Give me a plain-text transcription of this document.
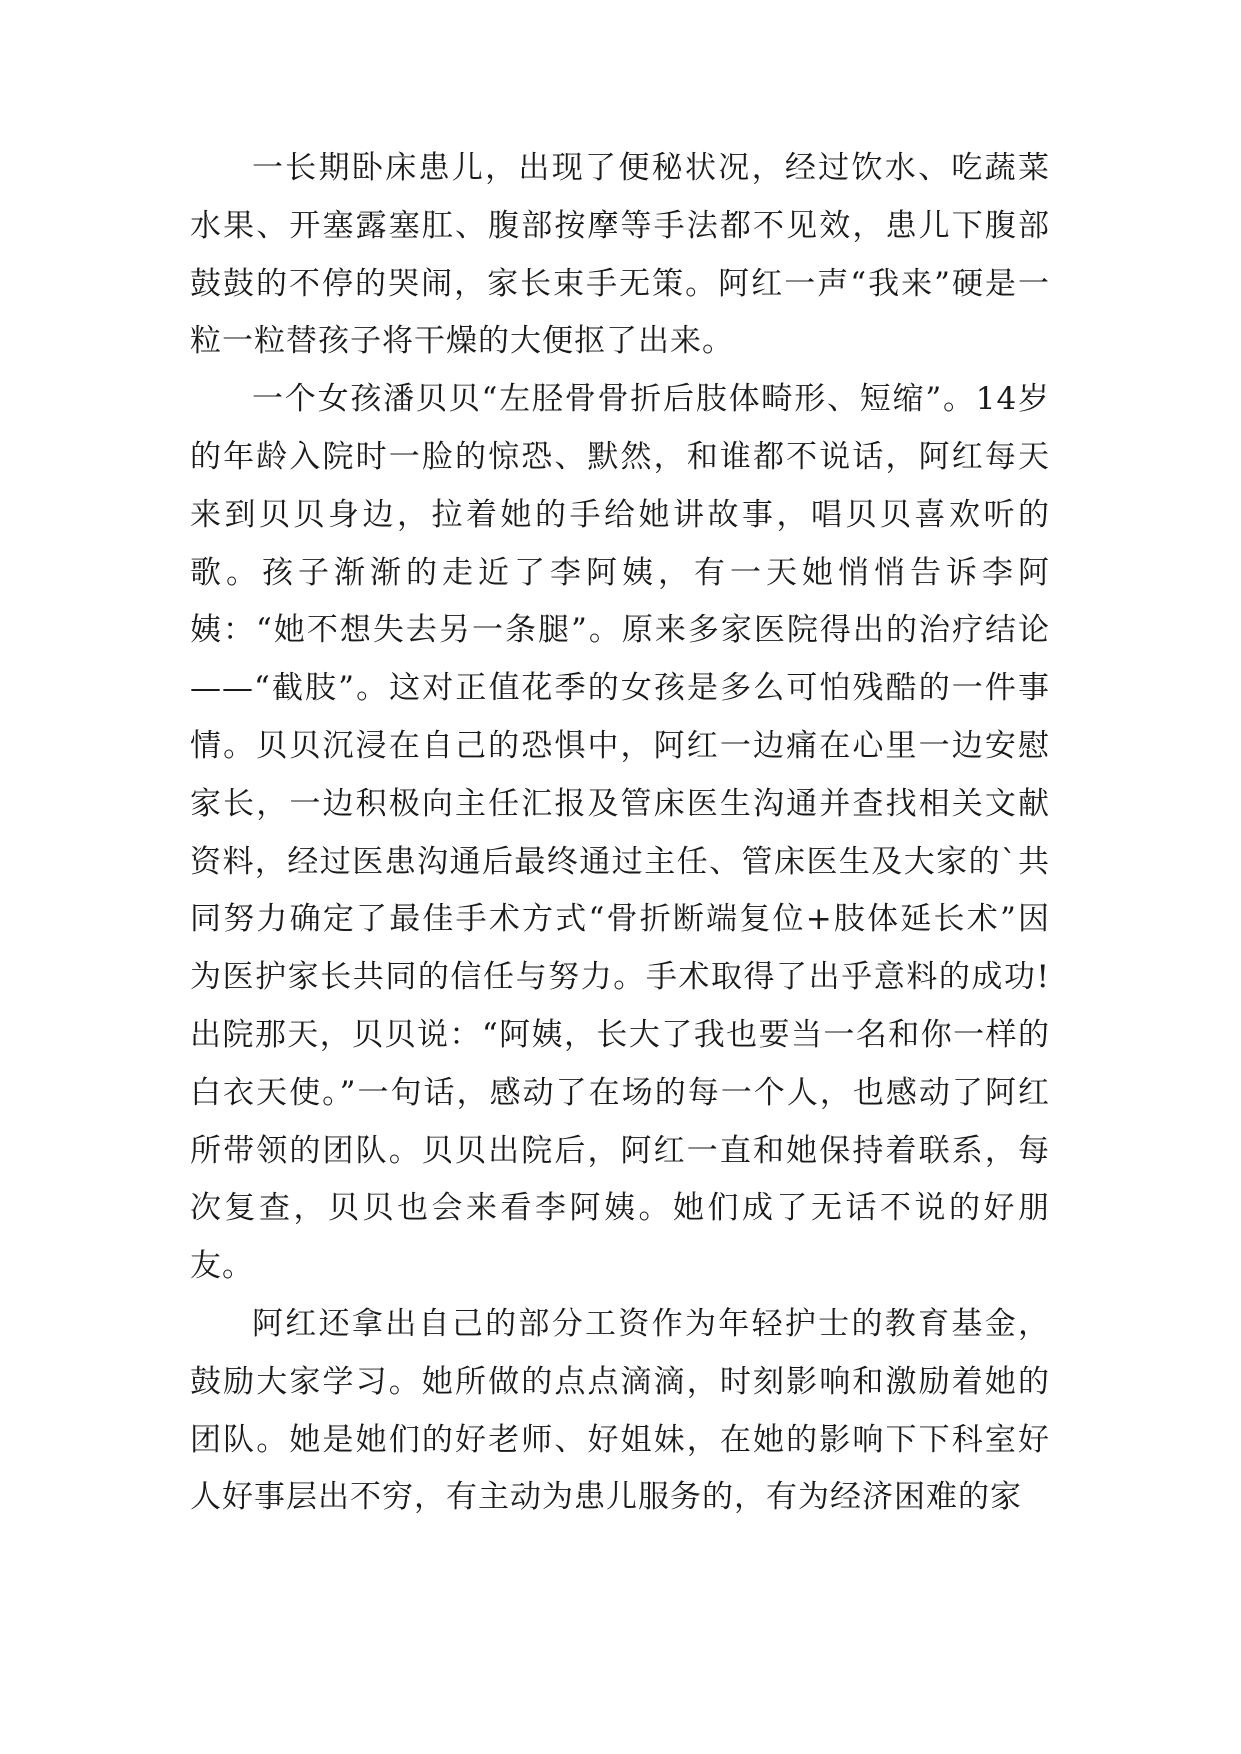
一长期卧床患儿，出现了便秘状况，经过饮水、吃蔬菜水果、开塞露塞肛、腹部按摩等手法都不见效，患儿下腹部鼓鼓的不停的哭闹，家长束手无策。阿红一声“我来”硬是一粒一粒替孩子将干燥的大便抠了出来。

一个女孩潘贝贝“左胫骨骨折后肢体畸形、短缩”。14岁的年龄入院时一脸的惊恐、默然，和谁都不说话，阿红每天来到贝贝身边，拉着她的手给她讲故事，唱贝贝喜欢听的歌。孩子渐渐的走近了李阿姨，有一天她悄悄告诉李阿姨：“她不想失去另一条腿”。原来多家医院得出的治疗结论——“截肢”。这对正值花季的女孩是多么可怕残酷的一件事情。贝贝沉浸在自己的恐惧中，阿红一边痛在心里一边安慰家长，一边积极向主任汇报及管床医生沟通并查找相关文献资料，经过医患沟通后最终通过主任、管床医生及大家的`共同努力确定了最佳手术方式“骨折断端复位+肢体延长术”因为医护家长共同的信任与努力。手术取得了出乎意料的成功!出院那天，贝贝说：“阿姨，长大了我也要当一名和你一样的白衣天使。”一句话，感动了在场的每一个人，也感动了阿红所带领的团队。贝贝出院后，阿红一直和她保持着联系，每次复查，贝贝也会来看李阿姨。她们成了无话不说的好朋友。

阿红还拿出自己的部分工资作为年轻护士的教育基金，鼓励大家学习。她所做的点点滴滴，时刻影响和激励着她的团队。她是她们的好老师、好姐妹，在她的影响下下科室好人好事层出不穷，有主动为患儿服务的，有为经济困难的家
